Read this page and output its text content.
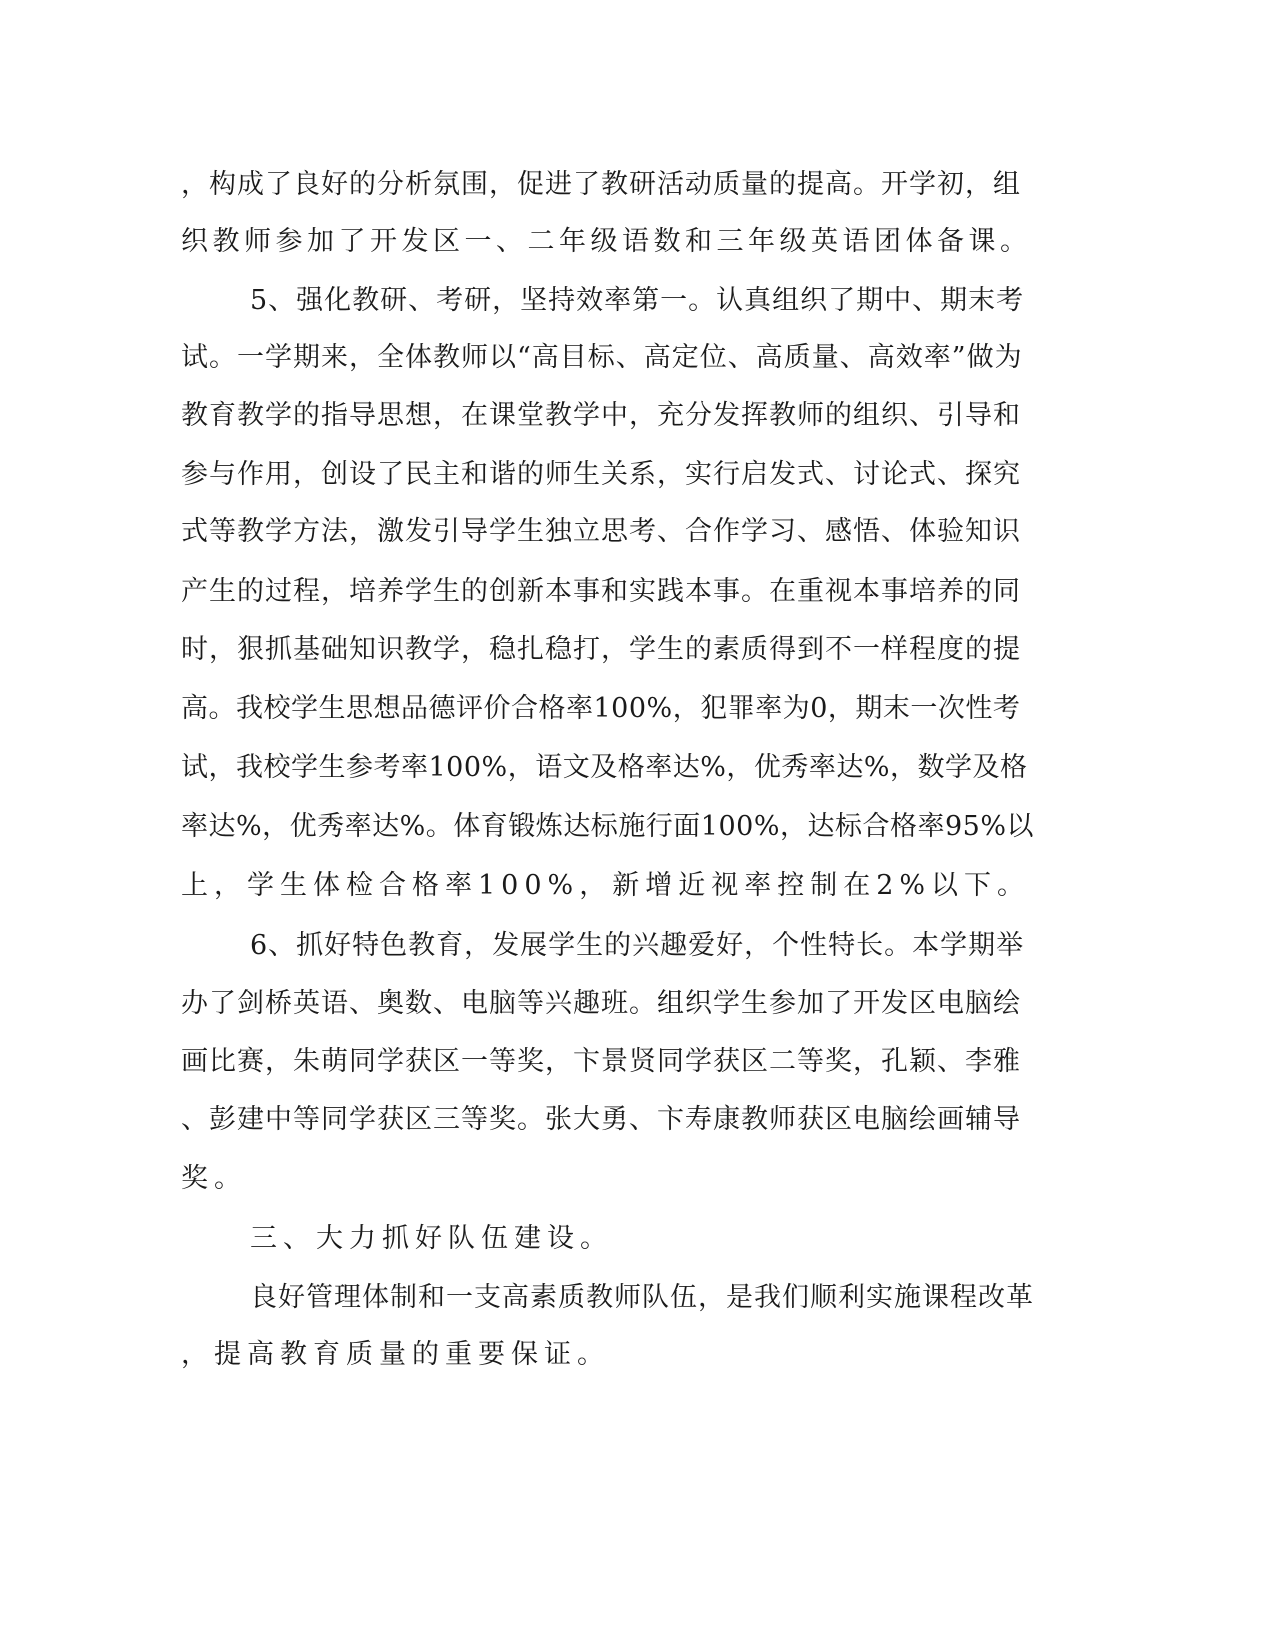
，构成了良好的分析氛围，促进了教研活动质量的提高。开学初，组

织教师参加了开发区一、二年级语数和三年级英语团体备课。

5、强化教研、考研，坚持效率第一。认真组织了期中、期末考

试。一学期来，全体教师以“高目标、高定位、高质量、高效率”做为

教育教学的指导思想，在课堂教学中，充分发挥教师的组织、引导和

参与作用，创设了民主和谐的师生关系，实行启发式、讨论式、探究

式等教学方法，激发引导学生独立思考、合作学习、感悟、体验知识

产生的过程，培养学生的创新本事和实践本事。在重视本事培养的同

时，狠抓基础知识教学，稳扎稳打，学生的素质得到不一样程度的提

高。我校学生思想品德评价合格率100%，犯罪率为0，期末一次性考

试，我校学生参考率100%，语文及格率达%，优秀率达%，数学及格

率达%，优秀率达%。体育锻炼达标施行面100%，达标合格率95%以

上，学生体检合格率100%，新增近视率控制在2%以下。

6、抓好特色教育，发展学生的兴趣爱好，个性特长。本学期举

办了剑桥英语、奥数、电脑等兴趣班。组织学生参加了开发区电脑绘

画比赛，朱萌同学获区一等奖，卞景贤同学获区二等奖，孔颖、李雅

、彭建中等同学获区三等奖。张大勇、卞寿康教师获区电脑绘画辅导

奖。

三、大力抓好队伍建设。

良好管理体制和一支高素质教师队伍，是我们顺利实施课程改革

，提高教育质量的重要保证。
